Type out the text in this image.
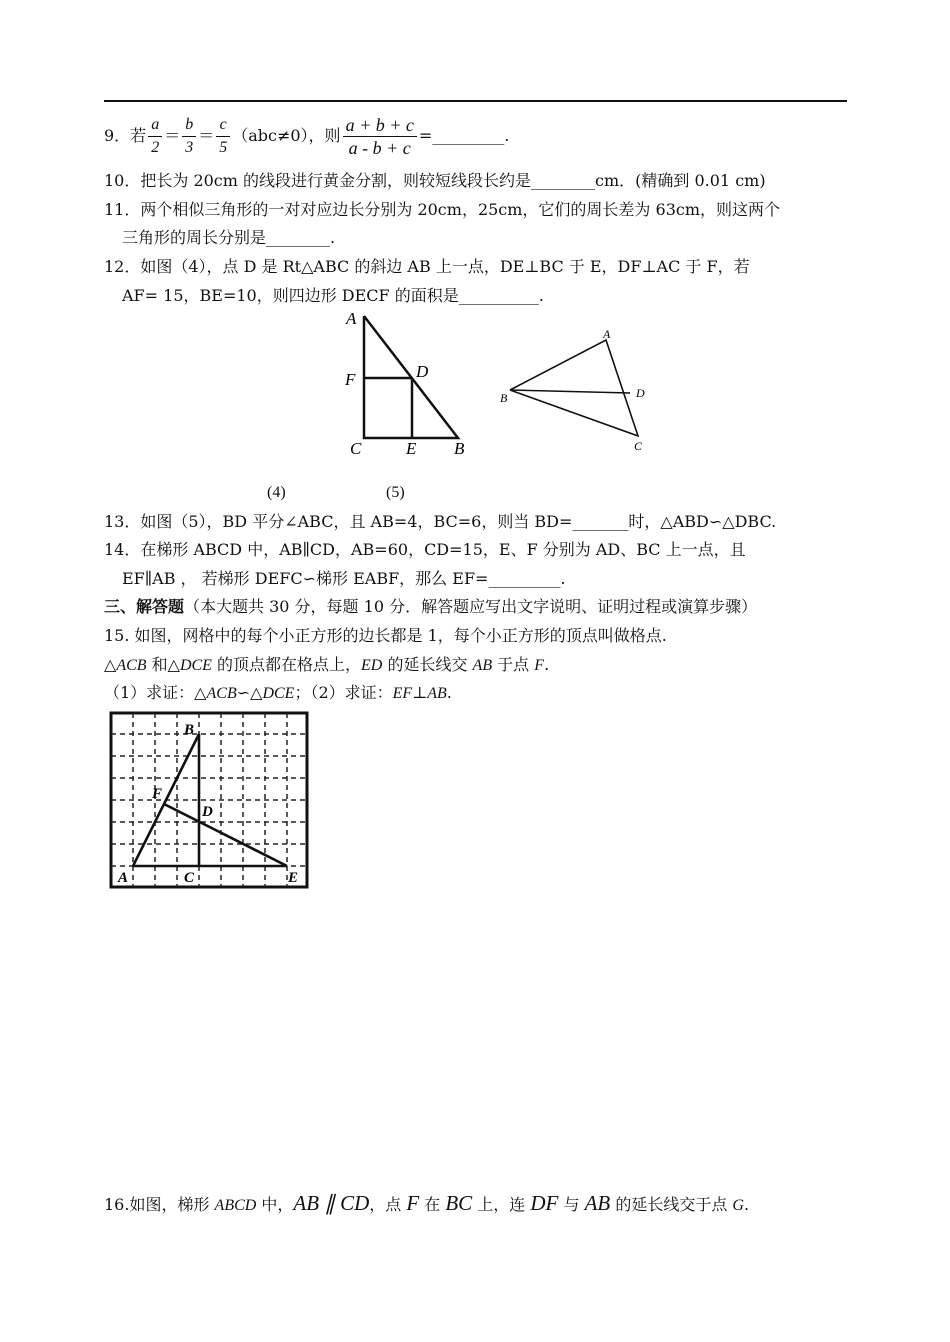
9．若 $\frac{a}{2} = \frac{b}{3} = \frac{c}{5} (abc\ne 0)$，则 $\frac{a + b + c}{a - b + c}$ =_________.
10．把长为 20cm 的线段进行黄金分割，则较短线段长约是________cm．(精确到 0.01 cm)
11．两个相似三角形的一对对应边长分别为 20cm，25cm，它们的周长差为 63cm，则这两个
三角形的周长分别是________.
12．如图（4），点 D 是 Rt△ABC 的斜边 AB 上一点，DE⊥BC 于 E，DF⊥AC 于 F，若
AF= 15，BE=10，则四边形 DECF 的面积是__________.
A
F	D
C	E B
A
B	D
C
(4)	(5)
13．如图（5），BD 平分∠ABC，且 AB=4，BC=6，则当 BD=_______时，△ABD∽△DBC.
14．在梯形 ABCD 中，AB∥CD，AB=60，CD=15，E、F 分别为 AD、BC 上一点，且
EF∥AB ， 若梯形 DEFC∽梯形 EABF，那么 EF=_________.
三、解答题（本大题共 30 分，每题 10 分．解答题应写出文字说明、证明过程或演算步骤）
15. 如图，网格中的每个小正方形的边长都是 1，每个小正方形的顶点叫做格点.
△ACB 和△DCE 的顶点都在格点上，ED 的延长线交 AB 于点 F.
（1）求证：△ACB∽△DCE；（2）求证：EF⊥AB.
A	C	E
B
F
D
16.如图，梯形 ABCD 中，AB ∥ CD，点 F 在 BC 上，连 DF 与 AB 的延长线交于点 G.
